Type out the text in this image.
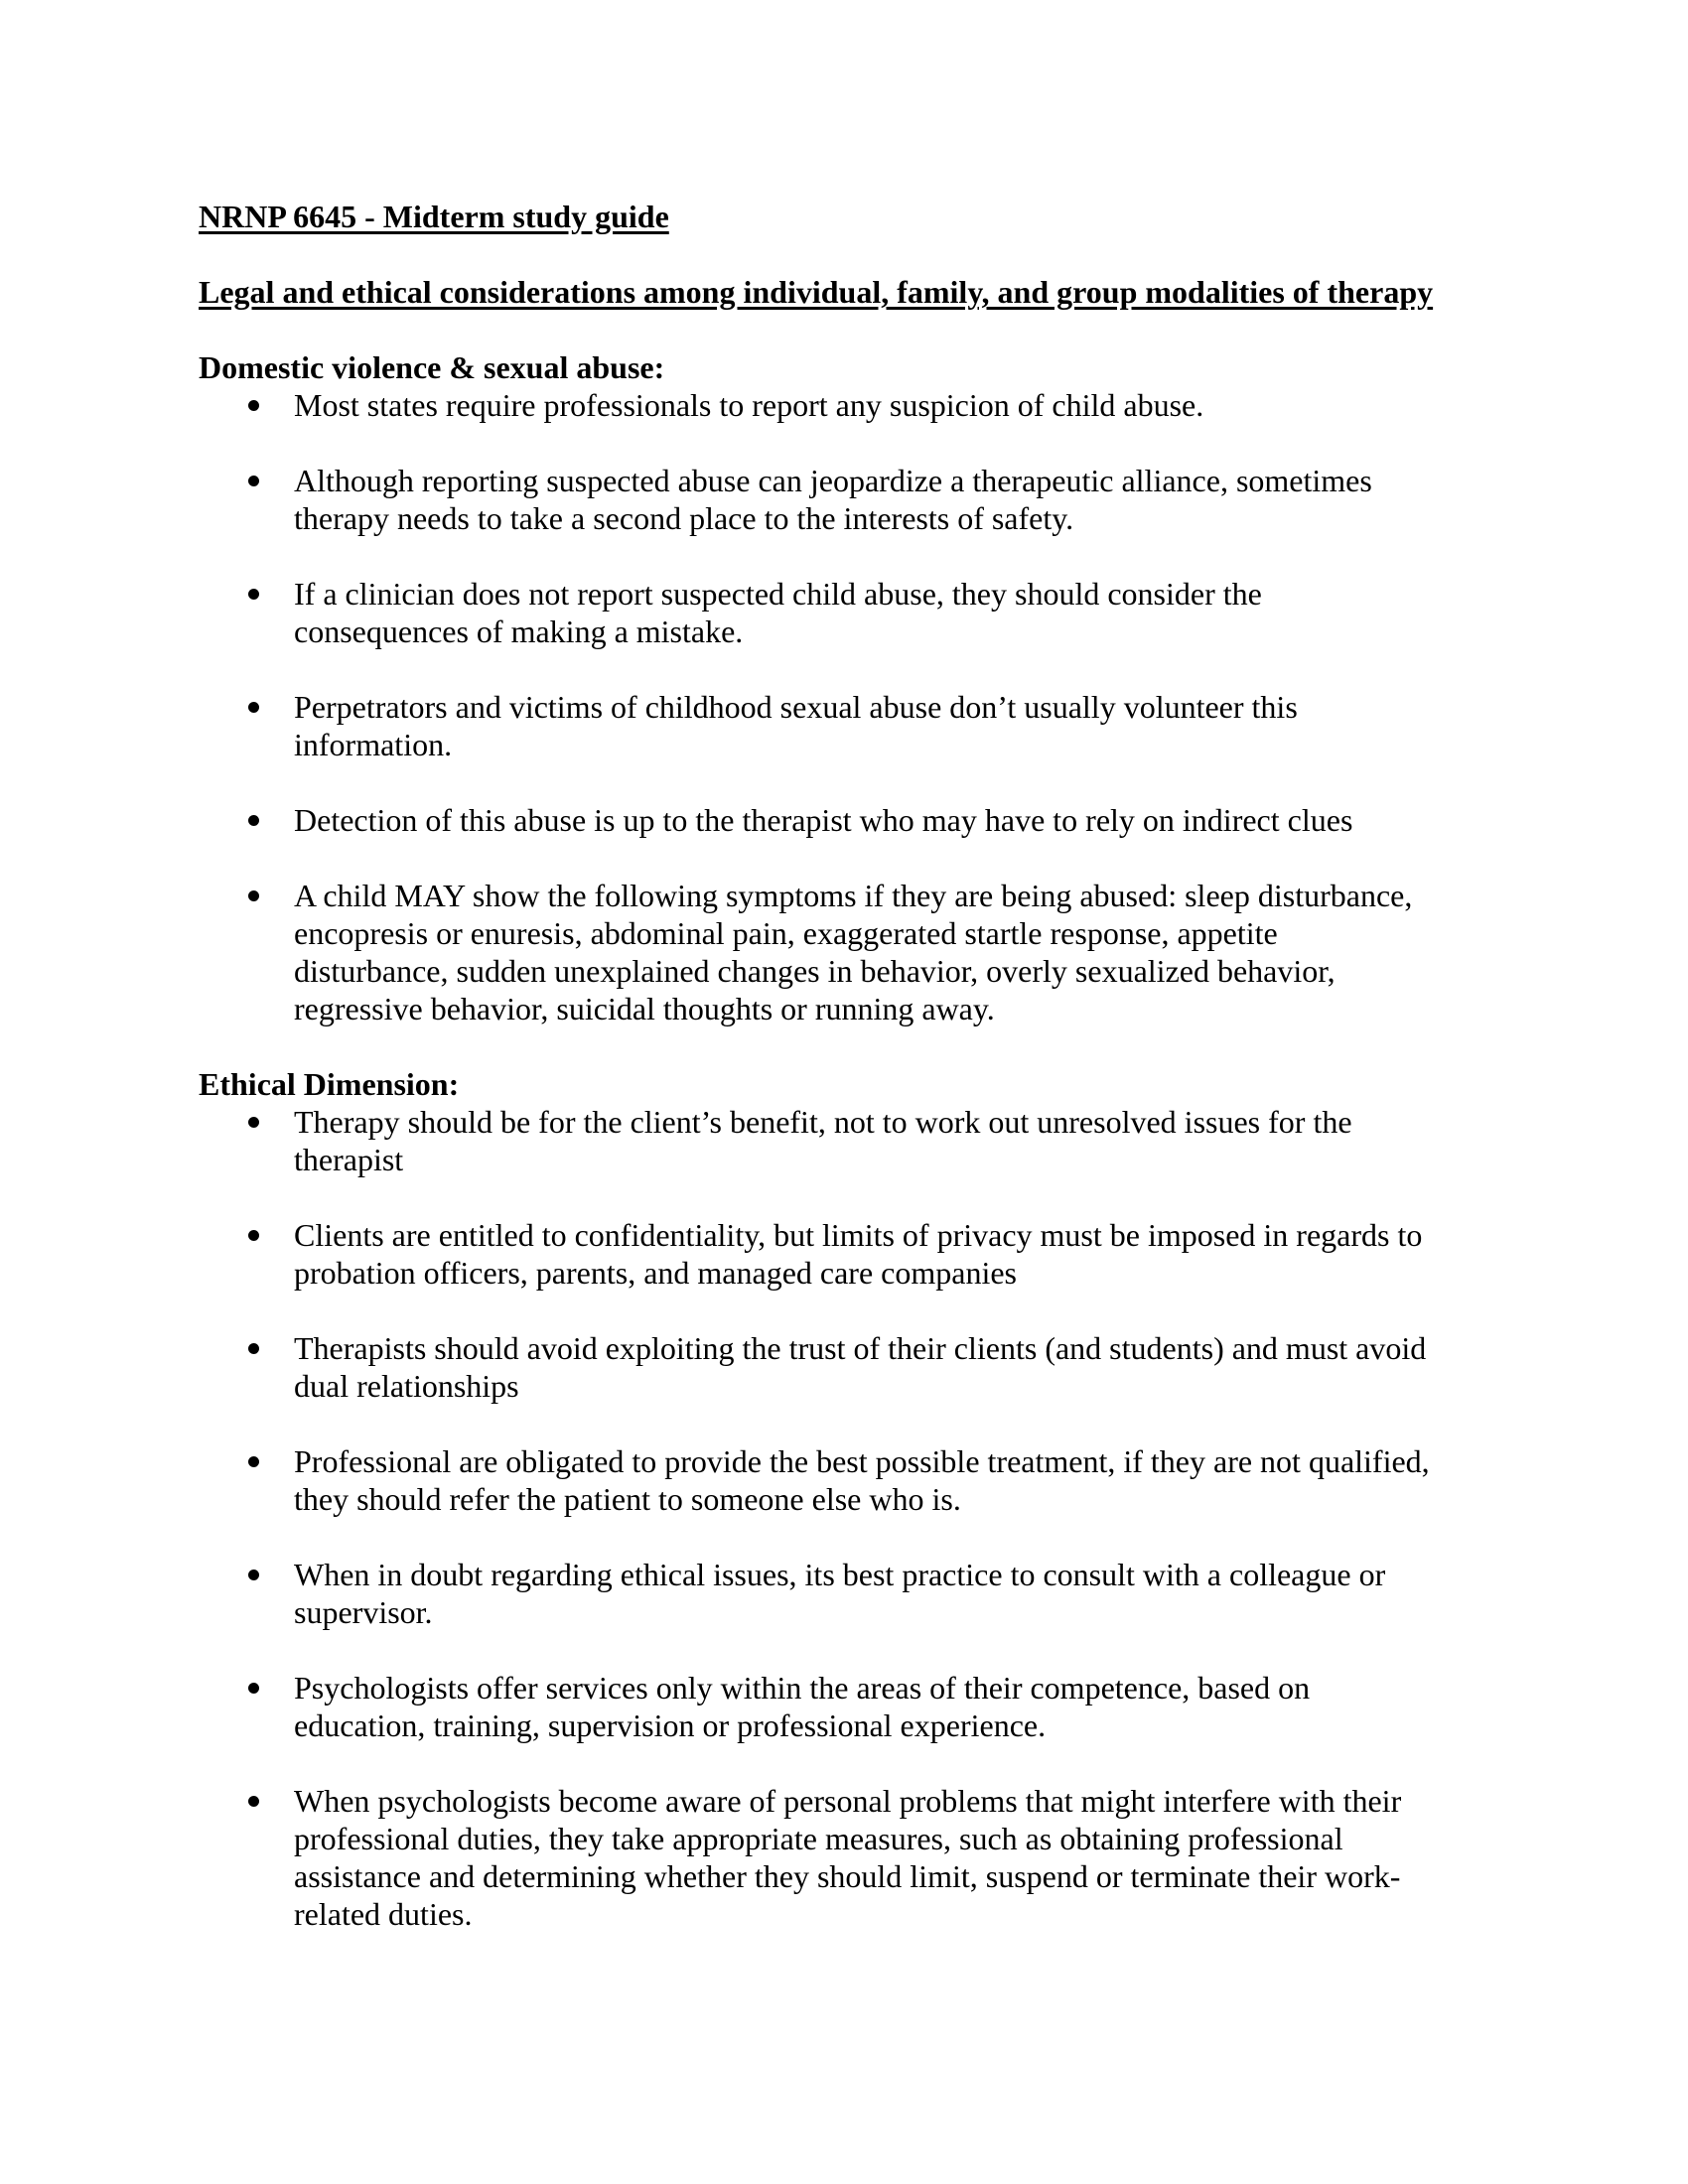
NRNP 6645 - Midterm study guide
Legal and ethical considerations among individual, family, and group modalities of therapy
Domestic violence & sexual abuse:
Most states require professionals to report any suspicion of child abuse.
Although reporting suspected abuse can jeopardize a therapeutic alliance, sometimes
therapy needs to take a second place to the interests of safety.
If a clinician does not report suspected child abuse, they should consider the
consequences of making a mistake.
Perpetrators and victims of childhood sexual abuse don’t usually volunteer this
information.
Detection of this abuse is up to the therapist who may have to rely on indirect clues
A child MAY show the following symptoms if they are being abused: sleep disturbance,
encopresis or enuresis, abdominal pain, exaggerated startle response, appetite
disturbance, sudden unexplained changes in behavior, overly sexualized behavior,
regressive behavior, suicidal thoughts or running away.
Ethical Dimension:
Therapy should be for the client’s benefit, not to work out unresolved issues for the
therapist
Clients are entitled to confidentiality, but limits of privacy must be imposed in regards to
probation officers, parents, and managed care companies
Therapists should avoid exploiting the trust of their clients (and students) and must avoid
dual relationships
Professional are obligated to provide the best possible treatment, if they are not qualified,
they should refer the patient to someone else who is.
When in doubt regarding ethical issues, its best practice to consult with a colleague or
supervisor.
Psychologists offer services only within the areas of their competence, based on
education, training, supervision or professional experience.
When psychologists become aware of personal problems that might interfere with their
professional duties, they take appropriate measures, such as obtaining professional
assistance and determining whether they should limit, suspend or terminate their work-
related duties.
